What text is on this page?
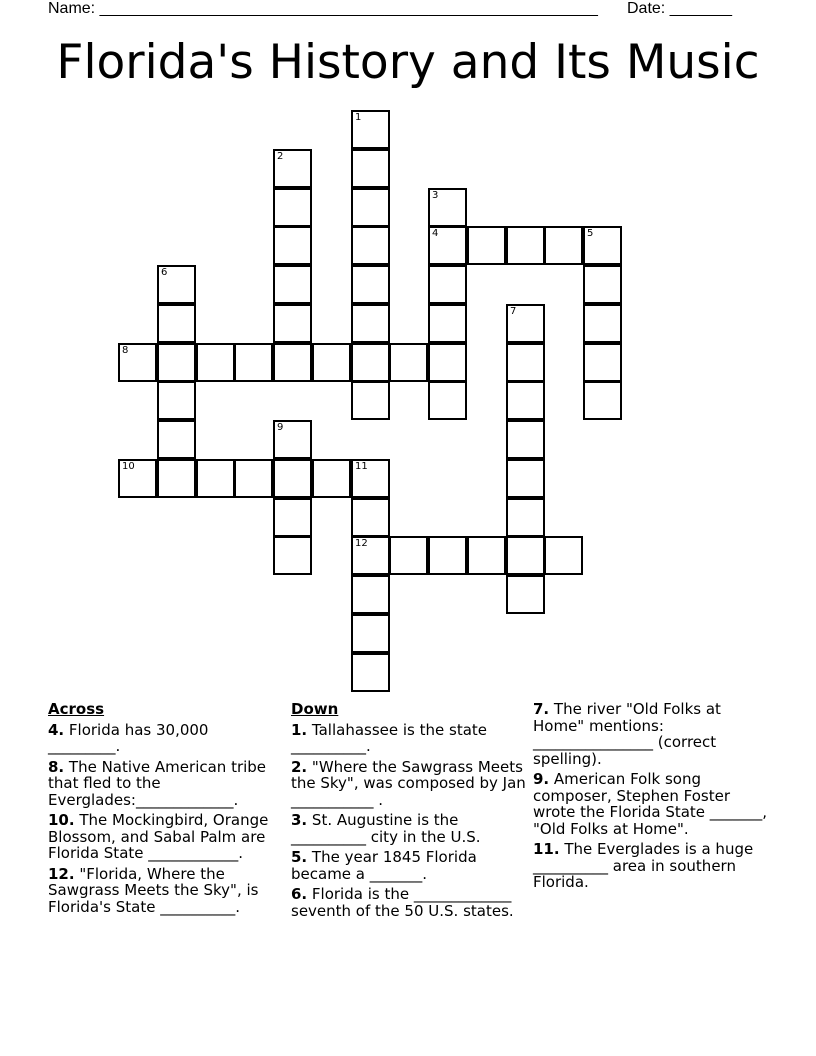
Name: ________________________________________________________ Date: _______
Florida's History and Its Music
1
2
3
4	5
6
7
8
9
10	11
12
Across
4. Florida has 30,000 _________.
8. The Native American tribe that fled to the Everglades:_____________.
10. The Mockingbird, Orange Blossom, and Sabal Palm are Florida State ____________.
12. "Florida, Where the Sawgrass Meets the Sky", is Florida's State __________.
Down
1. Tallahassee is the state __________.
2. "Where the Sawgrass Meets the Sky", was composed by Jan ___________ .
3. St. Augustine is the __________ city in the U.S.
5. The year 1845 Florida became a _______.
6. Florida is the _____________ seventh of the 50 U.S. states.
7. The river "Old Folks at Home" mentions: ________________ (correct spelling).
9. American Folk song composer, Stephen Foster wrote the Florida State _______, "Old Folks at Home".
11. The Everglades is a huge __________ area in southern Florida.
